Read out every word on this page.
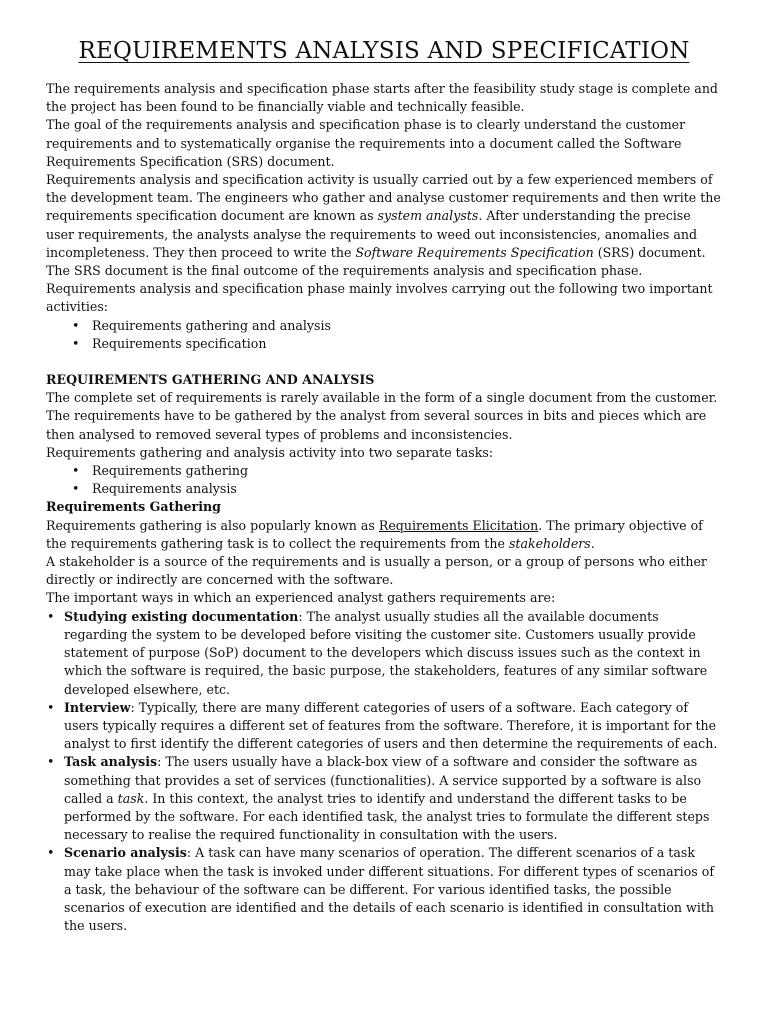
REQUIREMENTS ANALYSIS AND SPECIFICATION

The requirements analysis and specification phase starts after the feasibility study stage is complete and the project has been found to be financially viable and technically feasible.

The goal of the requirements analysis and specification phase is to clearly understand the customer requirements and to systematically organise the requirements into a document called the Software Requirements Specification (SRS) document.

Requirements analysis and specification activity is usually carried out by a few experienced members of the development team. The engineers who gather and analyse customer requirements and then write the requirements specification document are known as system analysts. After understanding the precise user requirements, the analysts analyse the requirements to weed out inconsistencies, anomalies and incompleteness. They then proceed to write the Software Requirements Specification (SRS) document. The SRS document is the final outcome of the requirements analysis and specification phase.

Requirements analysis and specification phase mainly involves carrying out the following two important activities:

• Requirements gathering and analysis
• Requirements specification

REQUIREMENTS GATHERING AND ANALYSIS

The complete set of requirements is rarely available in the form of a single document from the customer. The requirements have to be gathered by the analyst from several sources in bits and pieces which are then analysed to removed several types of problems and inconsistencies.

Requirements gathering and analysis activity into two separate tasks:

• Requirements gathering
• Requirements analysis

Requirements Gathering

Requirements gathering is also popularly known as Requirements Elicitation. The primary objective of the requirements gathering task is to collect the requirements from the stakeholders.

A stakeholder is a source of the requirements and is usually a person, or a group of persons who either directly or indirectly are concerned with the software.

The important ways in which an experienced analyst gathers requirements are:

• Studying existing documentation: The analyst usually studies all the available documents regarding the system to be developed before visiting the customer site. Customers usually provide statement of purpose (SoP) document to the developers which discuss issues such as the context in which the software is required, the basic purpose, the stakeholders, features of any similar software developed elsewhere, etc.
• Interview: Typically, there are many different categories of users of a software. Each category of users typically requires a different set of features from the software. Therefore, it is important for the analyst to first identify the different categories of users and then determine the requirements of each.
• Task analysis: The users usually have a black-box view of a software and consider the software as something that provides a set of services (functionalities). A service supported by a software is also called a task. In this context, the analyst tries to identify and understand the different tasks to be performed by the software. For each identified task, the analyst tries to formulate the different steps necessary to realise the required functionality in consultation with the users.
• Scenario analysis: A task can have many scenarios of operation. The different scenarios of a task may take place when the task is invoked under different situations. For different types of scenarios of a task, the behaviour of the software can be different. For various identified tasks, the possible scenarios of execution are identified and the details of each scenario is identified in consultation with the users.
